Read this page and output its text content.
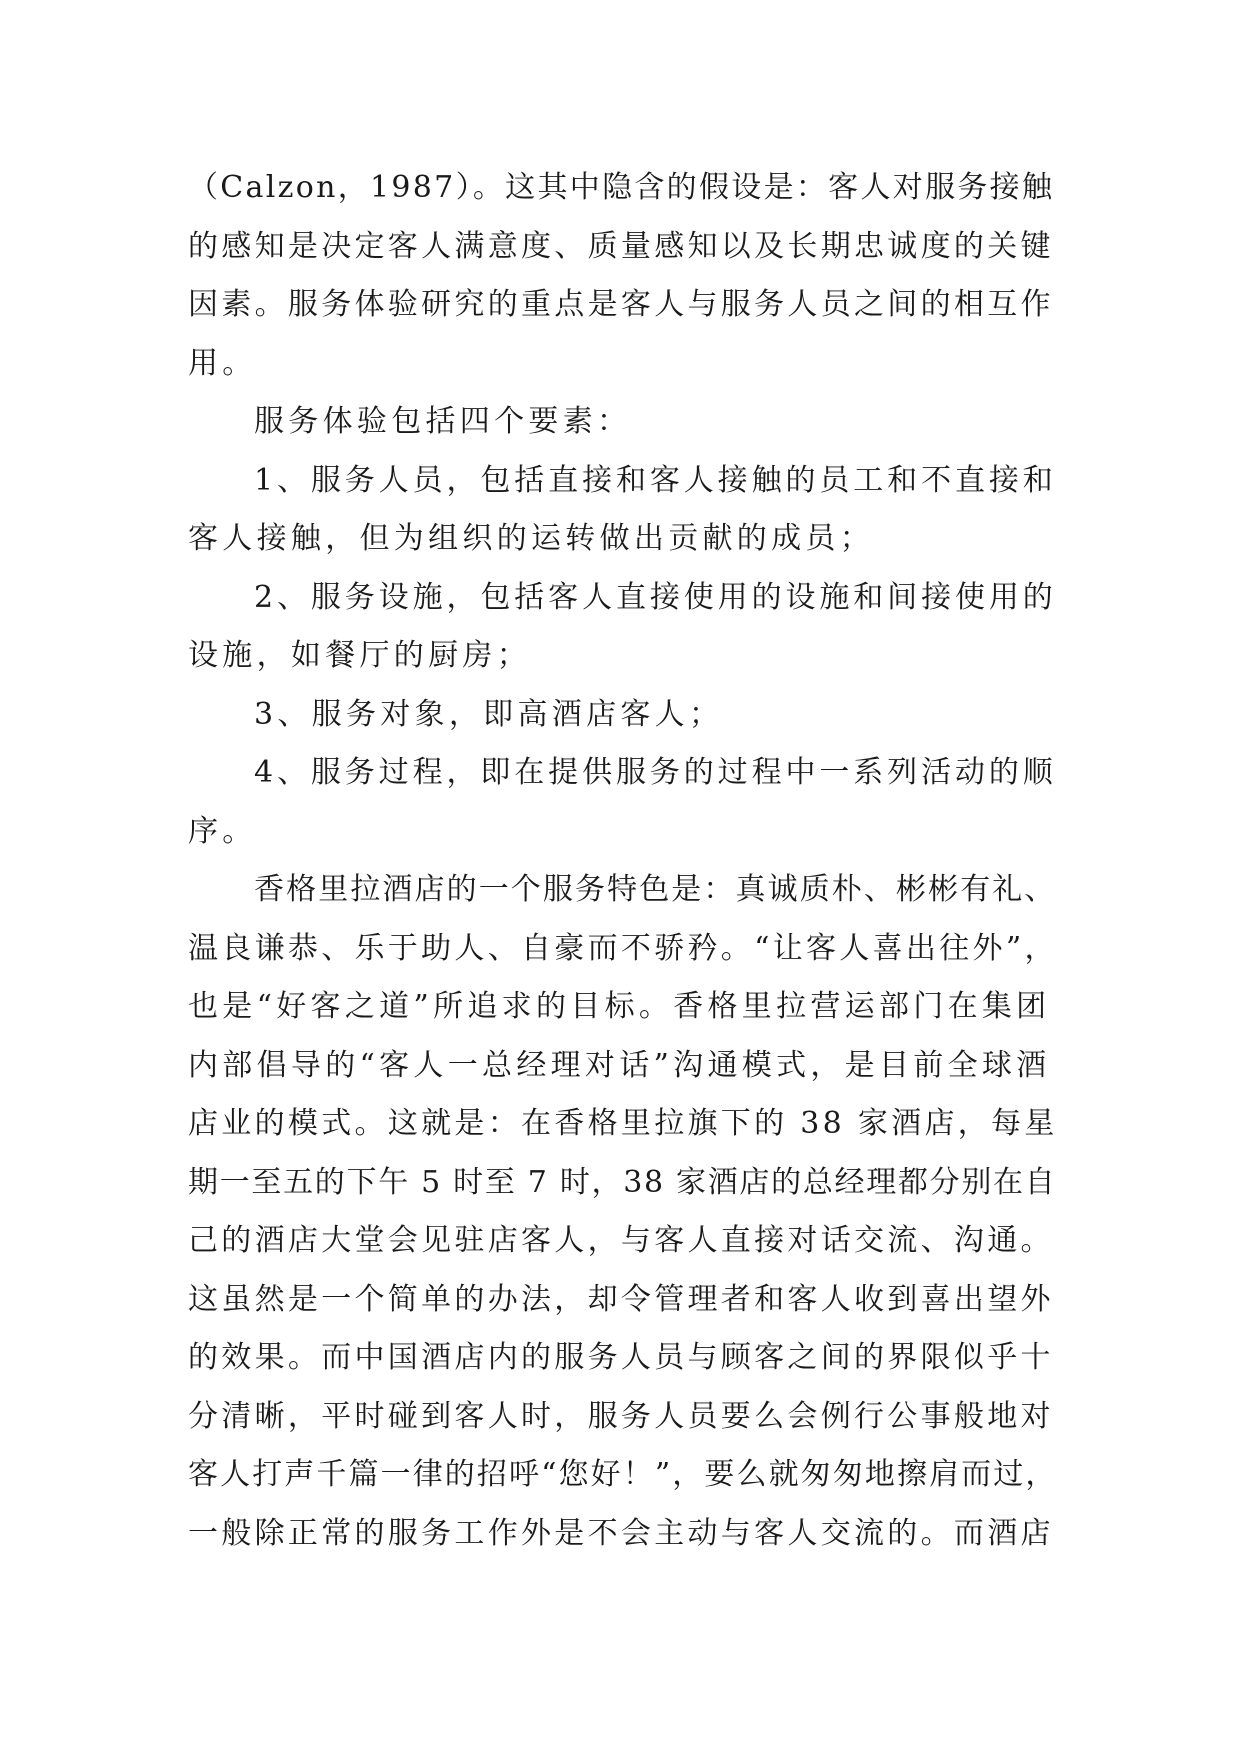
（Calzon，1987）。这其中隐含的假设是：客人对服务接触
的感知是决定客人满意度、质量感知以及长期忠诚度的关键
因素。服务体验研究的重点是客人与服务人员之间的相互作
用。
服务体验包括四个要素：
1、服务人员，包括直接和客人接触的员工和不直接和
客人接触，但为组织的运转做出贡献的成员；
2、服务设施，包括客人直接使用的设施和间接使用的
设施，如餐厅的厨房；
3、服务对象，即高酒店客人；
4、服务过程，即在提供服务的过程中一系列活动的顺
序。
香格里拉酒店的一个服务特色是：真诚质朴、彬彬有礼、
温良谦恭、乐于助人、自豪而不骄矜。“让客人喜出往外”，
也是“好客之道”所追求的目标。香格里拉营运部门在集团
内部倡导的“客人一总经理对话”沟通模式，是目前全球酒
店业的模式。这就是：在香格里拉旗下的 38 家酒店，每星
期一至五的下午 5 时至 7 时，38 家酒店的总经理都分别在自
己的酒店大堂会见驻店客人，与客人直接对话交流、沟通。
这虽然是一个简单的办法，却令管理者和客人收到喜出望外
的效果。而中国酒店内的服务人员与顾客之间的界限似乎十
分清晰，平时碰到客人时，服务人员要么会例行公事般地对
客人打声千篇一律的招呼“您好！”，要么就匆匆地擦肩而过，
一般除正常的服务工作外是不会主动与客人交流的。而酒店
